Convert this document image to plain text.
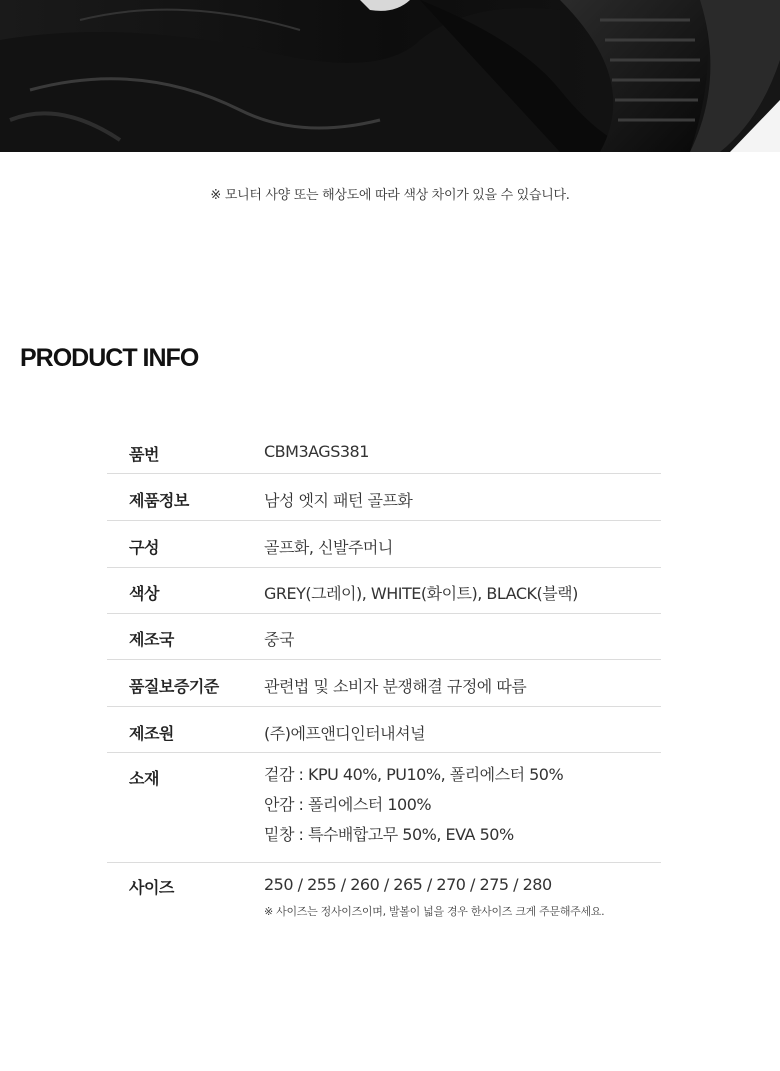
※ 모니터 사양 또는 해상도에 따라 색상 차이가 있을 수 있습니다.
PRODUCT INFO
품번	CBM3AGS381
제품정보	남성 엣지 패턴 골프화
구성	골프화, 신발주머니
색상	GREY(그레이), WHITE(화이트), BLACK(블랙)
제조국	중국
품질보증기준	관련법 및 소비자 분쟁해결 규정에 따름
제조원	(주)에프앤디인터내셔널
소재	겉감 : KPU 40%, PU10%, 폴리에스터 50%
안감 : 폴리에스터 100%
밑창 : 특수배합고무 50%, EVA 50%
사이즈	250 / 255 / 260 / 265 / 270 / 275 / 280
※ 사이즈는 정사이즈이며, 발볼이 넓을 경우 한사이즈 크게 주문해주세요.
